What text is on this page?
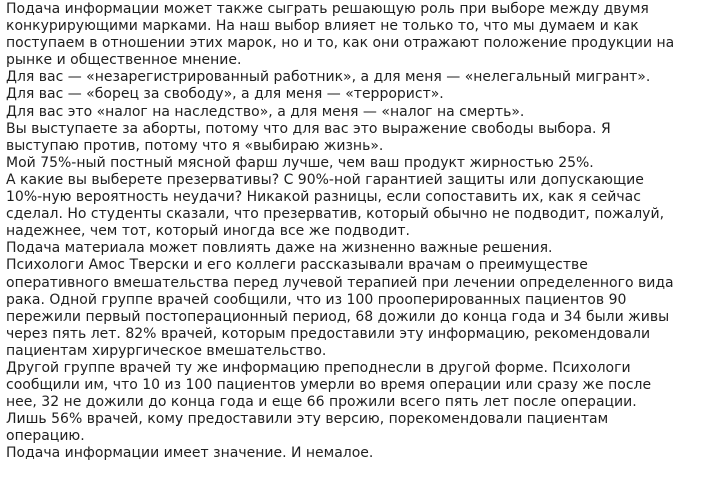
Подача информации может также сыграть решающую роль при выборе между двумя
конкурирующими марками. На наш выбор влияет не только то, что мы думаем и как
поступаем в отношении этих марок, но и то, как они отражают положение продукции на
рынке и общественное мнение.

Для вас — «незарегистрированный работник», а для меня — «нелегальный мигрант».

Для вас — «борец за свободу», а для меня — «террорист».

Для вас это «налог на наследство», а для меня — «налог на смерть».

Вы выступаете за аборты, потому что для вас это выражение свободы выбора. Я
выступаю против, потому что я «выбираю жизнь».

Мой 75%-ный постный мясной фарш лучше, чем ваш продукт жирностью 25%.

А какие вы выберете презервативы? С 90%-ной гарантией защиты или допускающие
10%-ную вероятность неудачи? Никакой разницы, если сопоставить их, как я сейчас
сделал. Но студенты сказали, что презерватив, который обычно не подводит, пожалуй,
надежнее, чем тот, который иногда все же подводит.

Подача материала может повлиять даже на жизненно важные решения.

Психологи Амос Тверски и его коллеги рассказывали врачам о преимуществе
оперативного вмешательства перед лучевой терапией при лечении определенного вида
рака. Одной группе врачей сообщили, что из 100 прооперированных пациентов 90
пережили первый постоперационный период, 68 дожили до конца года и 34 были живы
через пять лет. 82% врачей, которым предоставили эту информацию, рекомендовали
пациентам хирургическое вмешательство.

Другой группе врачей ту же информацию преподнесли в другой форме. Психологи
сообщили им, что 10 из 100 пациентов умерли во время операции или сразу же после
нее, 32 не дожили до конца года и еще 66 прожили всего пять лет после операции.
Лишь 56% врачей, кому предоставили эту версию, порекомендовали пациентам
операцию.

Подача информации имеет значение. И немалое.
